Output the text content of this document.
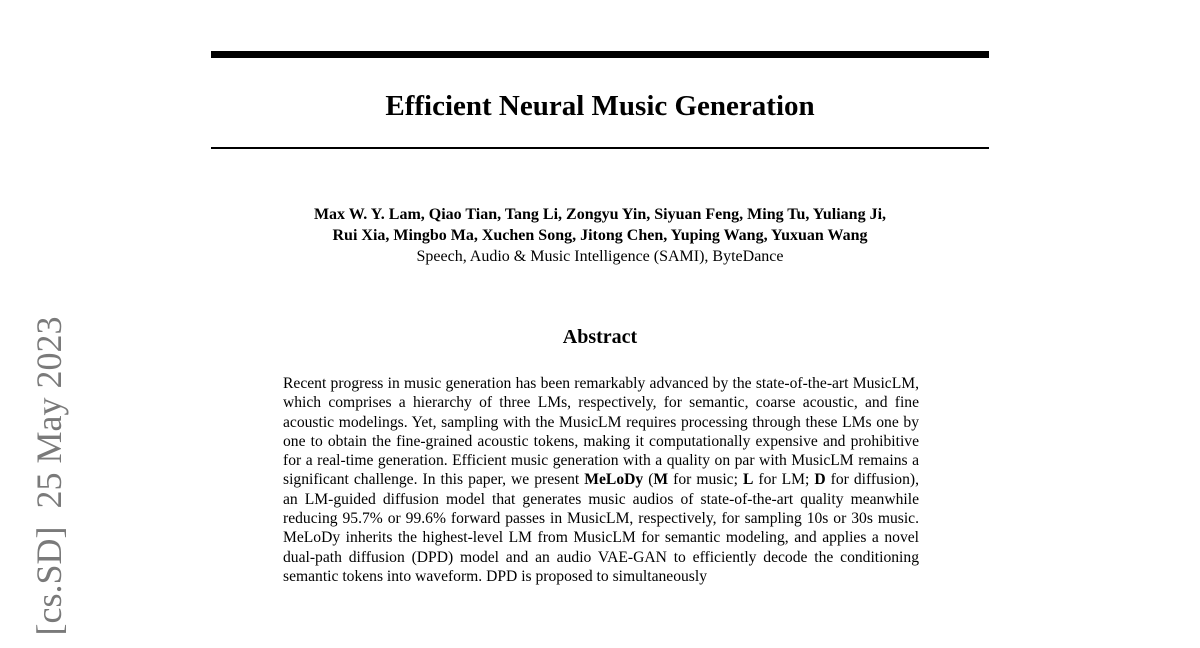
[cs.SD]  25 May 2023
Efficient Neural Music Generation
Max W. Y. Lam, Qiao Tian, Tang Li, Zongyu Yin, Siyuan Feng, Ming Tu, Yuliang Ji,
Rui Xia, Mingbo Ma, Xuchen Song, Jitong Chen, Yuping Wang, Yuxuan Wang
Speech, Audio & Music Intelligence (SAMI), ByteDance
Abstract

Recent progress in music generation has been remarkably advanced by the state-of-the-art MusicLM, which comprises a hierarchy of three LMs, respectively, for semantic, coarse acoustic, and fine acoustic modelings. Yet, sampling with the MusicLM requires processing through these LMs one by one to obtain the fine-grained acoustic tokens, making it computationally expensive and prohibitive for a real-time generation. Efficient music generation with a quality on par with MusicLM remains a significant challenge. In this paper, we present MeLoDy (M for music; L for LM; D for diffusion), an LM-guided diffusion model that generates music audios of state-of-the-art quality meanwhile reducing 95.7% or 99.6% forward passes in MusicLM, respectively, for sampling 10s or 30s music. MeLoDy inherits the highest-level LM from MusicLM for semantic modeling, and applies a novel dual-path diffusion (DPD) model and an audio VAE-GAN to efficiently decode the conditioning semantic tokens into waveform. DPD is proposed to simultaneously
